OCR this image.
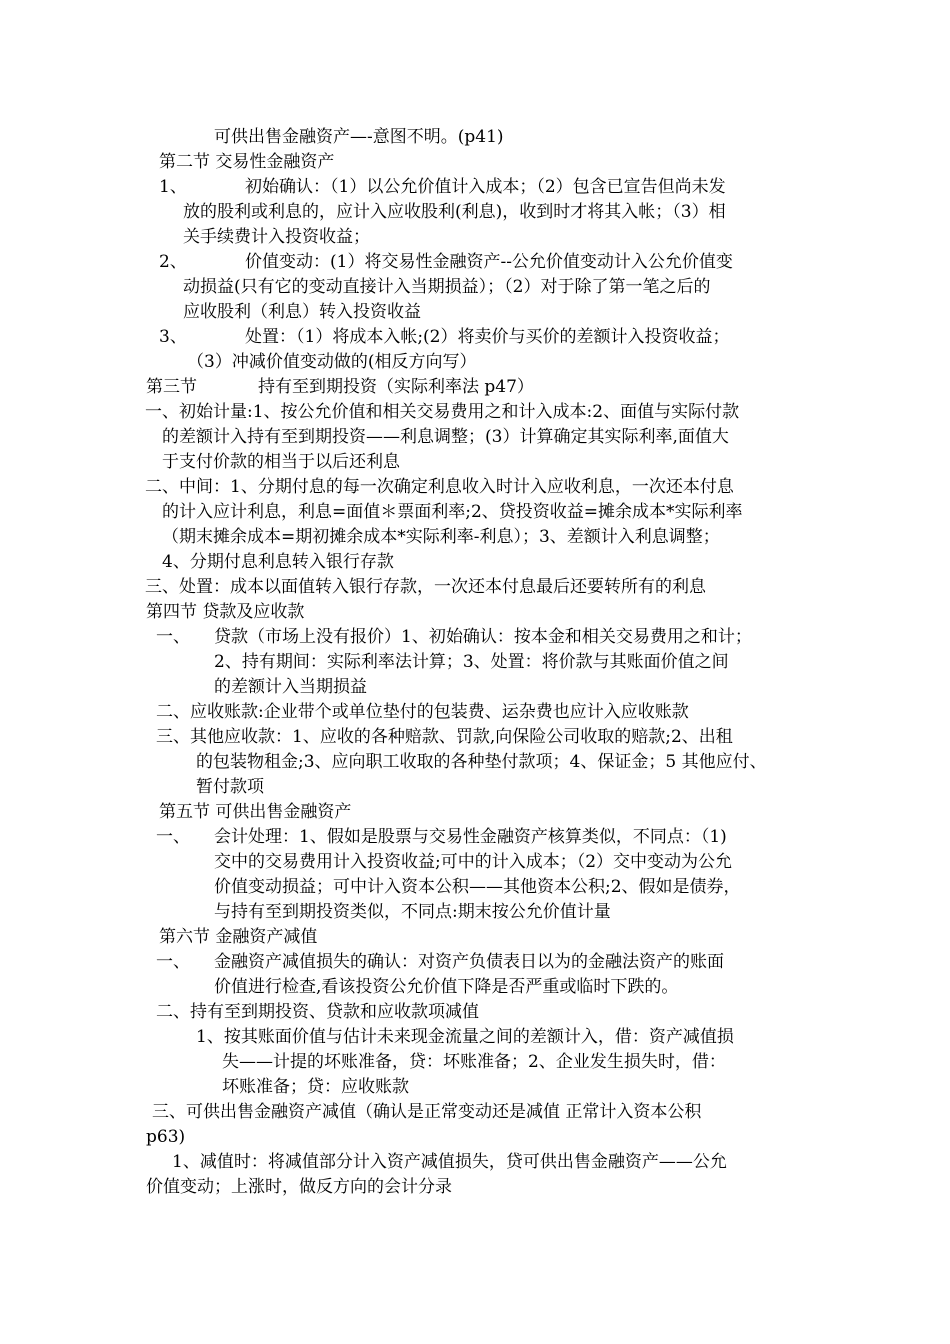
可供出售金融资产—-意图不明。(p41)
第二节 交易性金融资产
1、	初始确认：（1）以公允价值计入成本；（2）包含已宣告但尚未发
放的股利或利息的，应计入应收股利(利息)，收到时才将其入帐；（3）相
关手续费计入投资收益；
2、	价值变动：(1）将交易性金融资产--公允价值变动计入公允价值变
动损益(只有它的变动直接计入当期损益）；（2）对于除了第一笔之后的
应收股利（利息）转入投资收益
3、	处置：（1）将成本入帐;(2）将卖价与买价的差额计入投资收益；
（3）冲减价值变动做的(相反方向写）
第三节	持有至到期投资（实际利率法 p47）
一、初始计量:1、按公允价值和相关交易费用之和计入成本:2、面值与实际付款
的差额计入持有至到期投资——利息调整；(3）计算确定其实际利率,面值大
于支付价款的相当于以后还利息
二、中间：1、分期付息的每一次确定利息收入时计入应收利息，一次还本付息
的计入应计利息，利息=面值＊票面利率;2、贷投资收益=摊余成本*实际利率
（期末摊余成本=期初摊余成本*实际利率-利息）；3、差额计入利息调整；
4、分期付息利息转入银行存款
三、处置：成本以面值转入银行存款，一次还本付息最后还要转所有的利息
第四节 贷款及应收款
一、 贷款（市场上没有报价）1、初始确认：按本金和相关交易费用之和计；
2、持有期间：实际利率法计算；3、处置：将价款与其账面价值之间
的差额计入当期损益
二、应收账款:企业带个或单位垫付的包装费、运杂费也应计入应收账款
三、其他应收款：1、应收的各种赔款、罚款,向保险公司收取的赔款;2、出租
的包装物租金;3、应向职工收取的各种垫付款项；4、保证金；5 其他应付、
暂付款项
第五节 可供出售金融资产
一、 会计处理：1、假如是股票与交易性金融资产核算类似，不同点：（1)
交中的交易费用计入投资收益;可中的计入成本；（2）交中变动为公允
价值变动损益；可中计入资本公积——其他资本公积;2、假如是债券，
与持有至到期投资类似，不同点:期末按公允价值计量
第六节 金融资产减值
一、 金融资产减值损失的确认：对资产负债表日以为的金融法资产的账面
价值进行检查,看该投资公允价值下降是否严重或临时下跌的。
二、持有至到期投资、贷款和应收款项减值
1、按其账面价值与估计未来现金流量之间的差额计入，借：资产减值损
失——计提的坏账准备，贷：坏账准备；2、企业发生损失时，借：
坏账准备；贷：应收账款
三、可供出售金融资产减值（确认是正常变动还是减值 正常计入资本公积
p63)
1、减值时：将减值部分计入资产减值损失，贷可供出售金融资产——公允
价值变动；上涨时，做反方向的会计分录
